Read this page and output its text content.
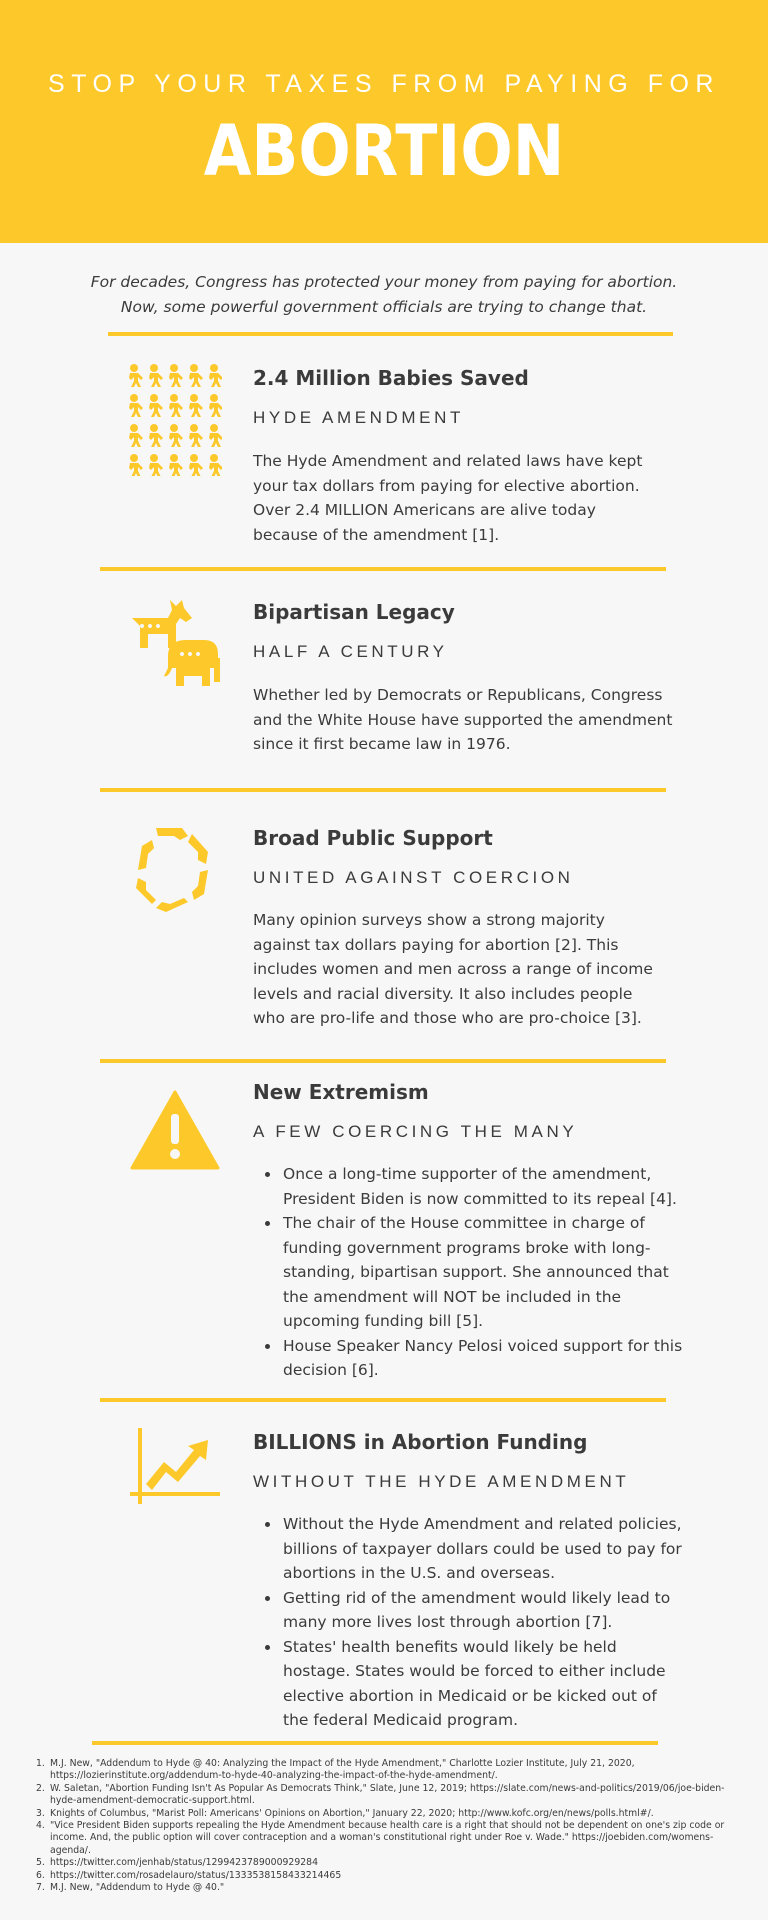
STOP YOUR TAXES FROM PAYING FOR
ABORTION
For decades, Congress has protected your money from paying for abortion.
Now, some powerful government officials are trying to change that.
2.4 Million Babies Saved
HYDE AMENDMENT
The Hyde Amendment and related laws have kept your tax dollars from paying for elective abortion. Over 2.4 MILLION Americans are alive today because of the amendment [1].
Bipartisan Legacy
HALF A CENTURY
Whether led by Democrats or Republicans, Congress and the White House have supported the amendment since it first became law in 1976.
Broad Public Support
UNITED AGAINST COERCION
Many opinion surveys show a strong majority against tax dollars paying for abortion [2]. This includes women and men across a range of income levels and racial diversity. It also includes people who are pro-life and those who are pro-choice [3].
New Extremism
A FEW COERCING THE MANY
Once a long-time supporter of the amendment, President Biden is now committed to its repeal [4].
The chair of the House committee in charge of funding government programs broke with long-standing, bipartisan support. She announced that the amendment will NOT be included in the upcoming funding bill [5].
House Speaker Nancy Pelosi voiced support for this decision [6].
BILLIONS in Abortion Funding
WITHOUT THE HYDE AMENDMENT
Without the Hyde Amendment and related policies, billions of taxpayer dollars could be used to pay for abortions in the U.S. and overseas.
Getting rid of the amendment would likely lead to many more lives lost through abortion [7].
States' health benefits would likely be held hostage. States would be forced to either include elective abortion in Medicaid or be kicked out of the federal Medicaid program.
1. M.J. New, "Addendum to Hyde @ 40: Analyzing the Impact of the Hyde Amendment," Charlotte Lozier Institute, July 21, 2020, https://lozierinstitute.org/addendum-to-hyde-40-analyzing-the-impact-of-the-hyde-amendment/.
2. W. Saletan, "Abortion Funding Isn't As Popular As Democrats Think," Slate, June 12, 2019; https://slate.com/news-and-politics/2019/06/joe-biden-hyde-amendment-democratic-support.html.
3. Knights of Columbus, "Marist Poll: Americans' Opinions on Abortion," January 22, 2020; http://www.kofc.org/en/news/polls.html#/.
4. "Vice President Biden supports repealing the Hyde Amendment because health care is a right that should not be dependent on one's zip code or income. And, the public option will cover contraception and a woman's constitutional right under Roe v. Wade." https://joebiden.com/womens-agenda/.
5. https://twitter.com/jenhab/status/1299423789000929284
6. https://twitter.com/rosadelauro/status/1333538158433214465
7. M.J. New, "Addendum to Hyde @ 40."
